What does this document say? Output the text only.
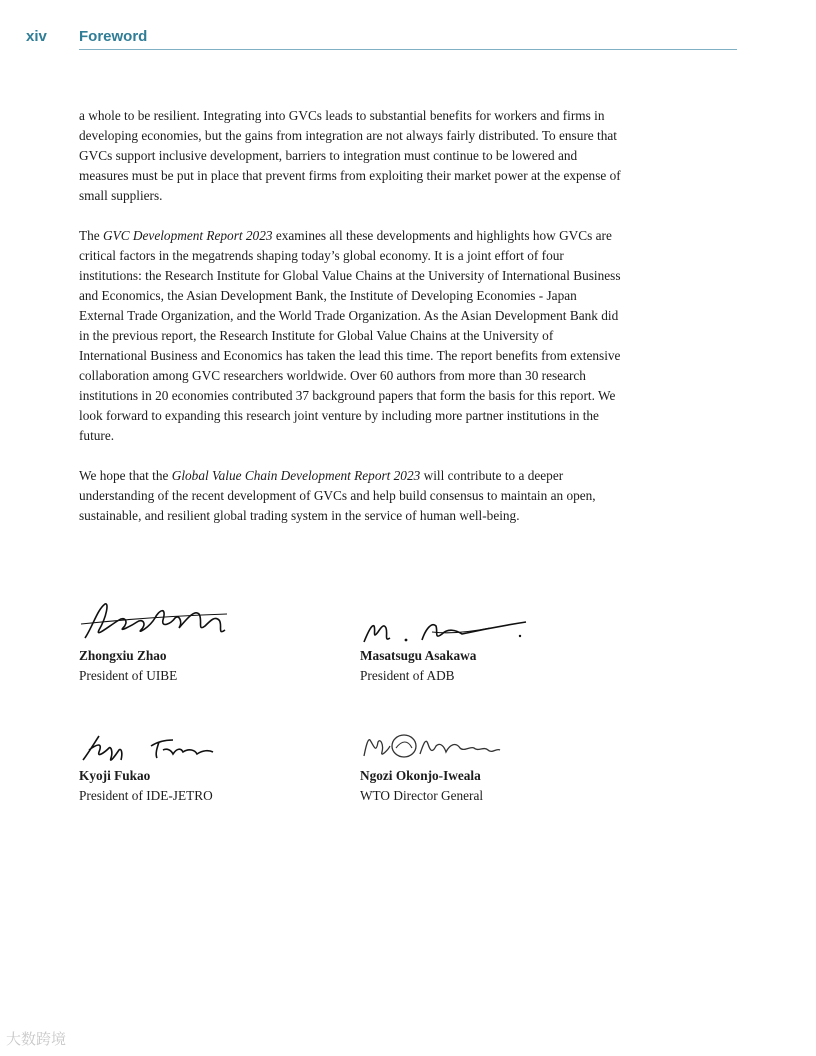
xiv Foreword

a whole to be resilient. Integrating into GVCs leads to substantial benefits for workers and firms in developing economies, but the gains from integration are not always fairly distributed. To ensure that GVCs support inclusive development, barriers to integration must continue to be lowered and measures must be put in place that prevent firms from exploiting their market power at the expense of small suppliers.

The GVC Development Report 2023 examines all these developments and highlights how GVCs are critical factors in the megatrends shaping today’s global economy. It is a joint effort of four institutions: the Research Institute for Global Value Chains at the University of International Business and Economics, the Asian Development Bank, the Institute of Developing Economies - Japan External Trade Organization, and the World Trade Organization. As the Asian Development Bank did in the previous report, the Research Institute for Global Value Chains at the University of International Business and Economics has taken the lead this time. The report benefits from extensive collaboration among GVC researchers worldwide. Over 60 authors from more than 30 research institutions in 20 economies contributed 37 background papers that form the basis for this report. We look forward to expanding this research joint venture by including more partner institutions in the future.

We hope that the Global Value Chain Development Report 2023 will contribute to a deeper understanding of the recent development of GVCs and help build consensus to maintain an open, sustainable, and resilient global trading system in the service of human well-being.

Zhongxiu Zhao
President of UIBE
Masatsugu Asakawa
President of ADB
Kyoji Fukao
President of IDE-JETRO
Ngozi Okonjo-Iweala
WTO Director General
大数跨境
